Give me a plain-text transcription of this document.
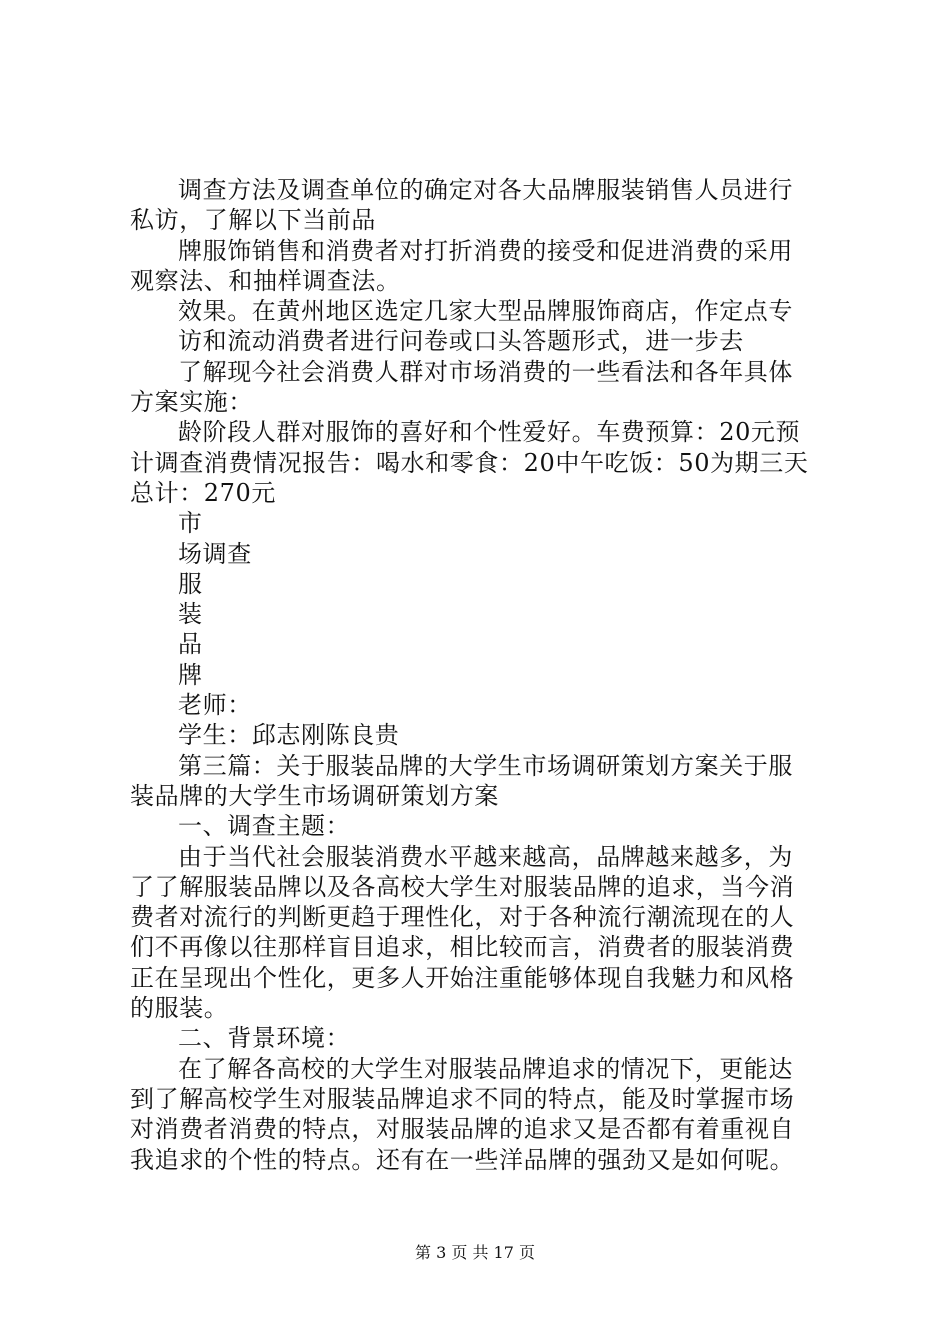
调查方法及调查单位的确定对各大品牌服装销售人员进行
私访，了解以下当前品
牌服饰销售和消费者对打折消费的接受和促进消费的采用
观察法、和抽样调查法。
效果。在黄州地区选定几家大型品牌服饰商店，作定点专
访和流动消费者进行问卷或口头答题形式，进一步去
了解现今社会消费人群对市场消费的一些看法和各年具体
方案实施：
龄阶段人群对服饰的喜好和个性爱好。车费预算：20元预
计调查消费情况报告：喝水和零食：20中午吃饭：50为期三天
总计：270元
市
场调查
服
装
品
牌
老师：
学生：邱志刚陈良贵
第三篇：关于服装品牌的大学生市场调研策划方案关于服
装品牌的大学生市场调研策划方案
一、调查主题：
由于当代社会服装消费水平越来越高，品牌越来越多，为
了了解服装品牌以及各高校大学生对服装品牌的追求，当今消
费者对流行的判断更趋于理性化，对于各种流行潮流现在的人
们不再像以往那样盲目追求，相比较而言，消费者的服装消费
正在呈现出个性化，更多人开始注重能够体现自我魅力和风格
的服装。
二、背景环境：
在了解各高校的大学生对服装品牌追求的情况下，更能达
到了解高校学生对服装品牌追求不同的特点，能及时掌握市场
对消费者消费的特点，对服装品牌的追求又是否都有着重视自
我追求的个性的特点。还有在一些洋品牌的强劲又是如何呢。
第 3 页 共 17 页
